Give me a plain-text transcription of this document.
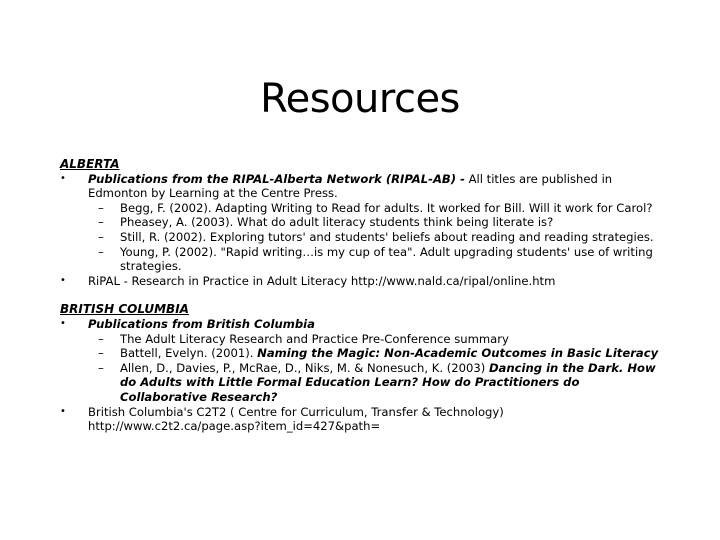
Resources
ALBERTA
•	Publications from the RIPAL-Alberta Network (RIPAL-AB) - All titles are published in Edmonton by Learning at the Centre Press.
–	Begg, F. (2002). Adapting Writing to Read for adults. It worked for Bill. Will it work for Carol?
–	Pheasey, A. (2003). What do adult literacy students think being literate is?
–	Still, R. (2002). Exploring tutors' and students' beliefs about reading and reading strategies.
–	Young, P. (2002). "Rapid writing…is my cup of tea". Adult upgrading students' use of writing strategies.
•	RiPAL - Research in Practice in Adult Literacy http://www.nald.ca/ripal/online.htm
BRITISH COLUMBIA
•	Publications from British Columbia
–	The Adult Literacy Research and Practice Pre-Conference summary
–	Battell, Evelyn. (2001). Naming the Magic: Non-Academic Outcomes in Basic Literacy
–	Allen, D., Davies, P., McRae, D., Niks, M. & Nonesuch, K. (2003) Dancing in the Dark. How do Adults with Little Formal Education Learn? How do Practitioners do Collaborative Research?
•	British Columbia's C2T2 ( Centre for Curriculum, Transfer & Technology) http://www.c2t2.ca/page.asp?item_id=427&path=
